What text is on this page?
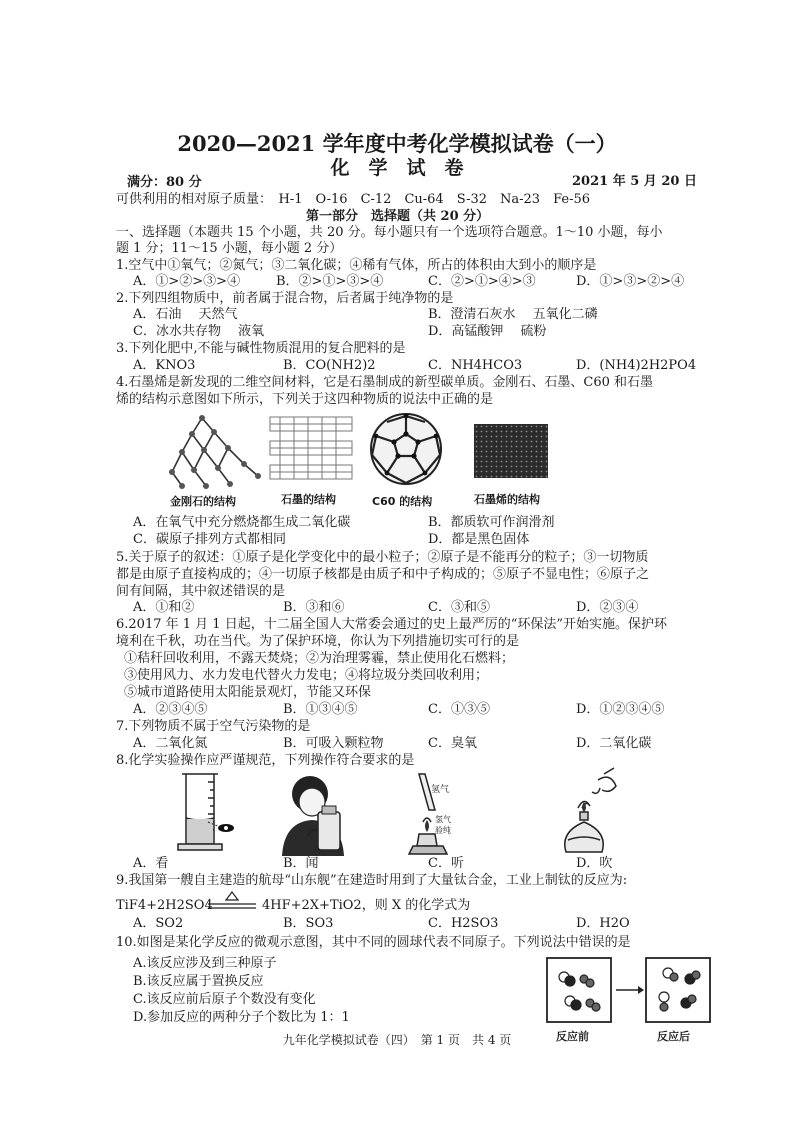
2020—2021 学年度中考化学模拟试卷（一）
化　学　试　卷
满分：80 分	2021 年 5 月 20 日
可供利用的相对原子质量：　H-1　O-16　C-12　Cu-64　S-32　Na-23　Fe-56
第一部分　选择题（共 20 分）
一、选择题（本题共 15 个小题，共 20 分。每小题只有一个选项符合题意。1～10 小题，每小
题 1 分；11～15 小题，每小题 2 分）
1.空气中①氧气；②氮气；③二氧化碳；④稀有气体，所占的体积由大到小的顺序是
A．①>②>③>④	B．②>①>③>④	C．②>①>④>③	D．①>③>②>④
2.下列四组物质中，前者属于混合物，后者属于纯净物的是
A．石油　 天然气	B．澄清石灰水　 五氧化二磷
C．冰水共存物　 液氧	D．高锰酸钾　 硫粉
3.下列化肥中,不能与碱性物质混用的复合肥料的是
A．KNO3	B．CO(NH2)2	C．NH4HCO3	D．(NH4)2H2PO4
4.石墨烯是新发现的二维空间材料，它是石墨制成的新型碳单质。金刚石、石墨、C60 和石墨
烯的结构示意图如下所示，下列关于这四种物质的说法中正确的是
金刚石的结构	石墨的结构	C60 的结构	石墨烯的结构
A．在氧气中充分燃烧都生成二氧化碳	B．都质软可作润滑剂
C．碳原子排列方式都相同	D．都是黑色固体
5.关于原子的叙述：①原子是化学变化中的最小粒子；②原子是不能再分的粒子；③一切物质
都是由原子直接构成的；④一切原子核都是由质子和中子构成的；⑤原子不显电性；⑥原子之
间有间隔，其中叙述错误的是
A．①和②	B．③和⑥	C．③和⑤	D．②③④
6.2017 年 1 月 1 日起，十二届全国人大常委会通过的史上最严厉的“环保法”开始实施。保护环
境利在千秋，功在当代。为了保护环境，你认为下列措施切实可行的是
①秸秆回收利用，不露天焚烧；②为治理雾霾，禁止使用化石燃料；
③使用风力、水力发电代替火力发电；④将垃圾分类回收利用；
⑤城市道路使用太阳能景观灯，节能又环保
A．②③④⑤	B．①③④⑤	C．①③⑤	D．①②③④⑤
7.下列物质不属于空气污染物的是
A．二氧化氮	B．可吸入颗粒物	C．臭氧	D．二氧化碳
8.化学实验操作应严谨规范，下列操作符合要求的是
氢气
氢气
验纯
A．看	B．闻	C．听	D．吹
9.我国第一艘自主建造的航母“山东舰”在建造时用到了大量钛合金，工业上制钛的反应为:
TiF4+2H2SO4	4HF+2X+TiO2，则 X 的化学式为
A．SO2	B．SO3	C．H2SO3	D．H2O
10.如图是某化学反应的微观示意图，其中不同的圆球代表不同原子。下列说法中错误的是
A.该反应涉及到三种原子
B.该反应属于置换反应
C.该反应前后原子个数没有变化
D.参加反应的两种分子个数比为 1：1
反应前	反应后
九年化学模拟试卷（四）　第 1 页　共 4 页
